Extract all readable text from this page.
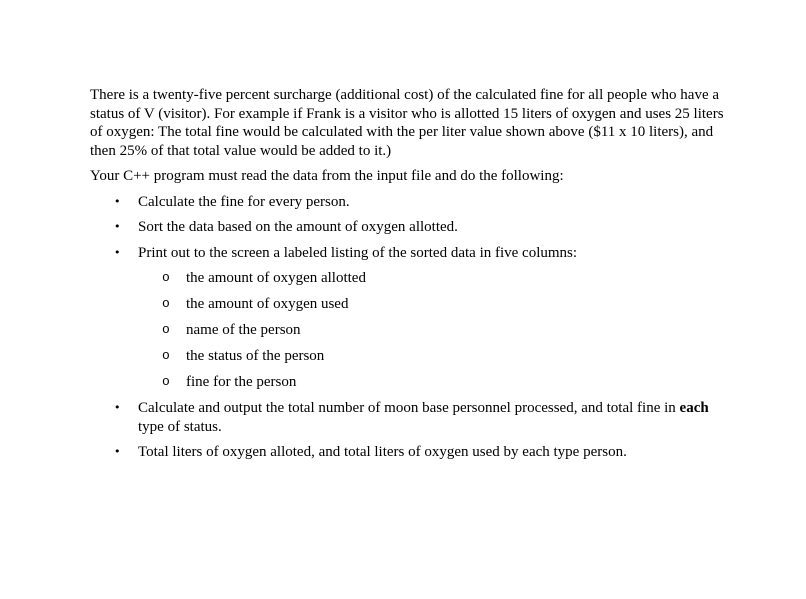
There is a twenty-five percent surcharge (additional cost) of the calculated fine for all people who have a status of V (visitor). For example if Frank is a visitor who is allotted 15 liters of oxygen and uses 25 liters of oxygen: The total fine would be calculated with the per liter value shown above ($11 x 10 liters), and then 25% of that total value would be added to it.)

Your C++ program must read the data from the input file and do the following:

• Calculate the fine for every person.
• Sort the data based on the amount of oxygen allotted.
• Print out to the screen a labeled listing of the sorted data in five columns:
o the amount of oxygen allotted
o the amount of oxygen used
o name of the person
o the status of the person
o fine for the person
• Calculate and output the total number of moon base personnel processed, and total fine in each type of status.
• Total liters of oxygen alloted, and total liters of oxygen used by each type person.
